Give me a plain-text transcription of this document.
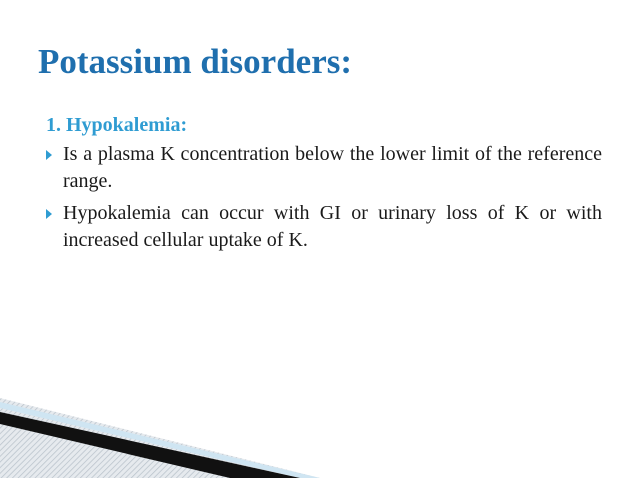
Potassium disorders:
1. Hypokalemia:
Is a plasma K concentration below the lower limit of the reference range.
Hypokalemia can occur with GI or urinary loss of K or with increased cellular uptake of K.
